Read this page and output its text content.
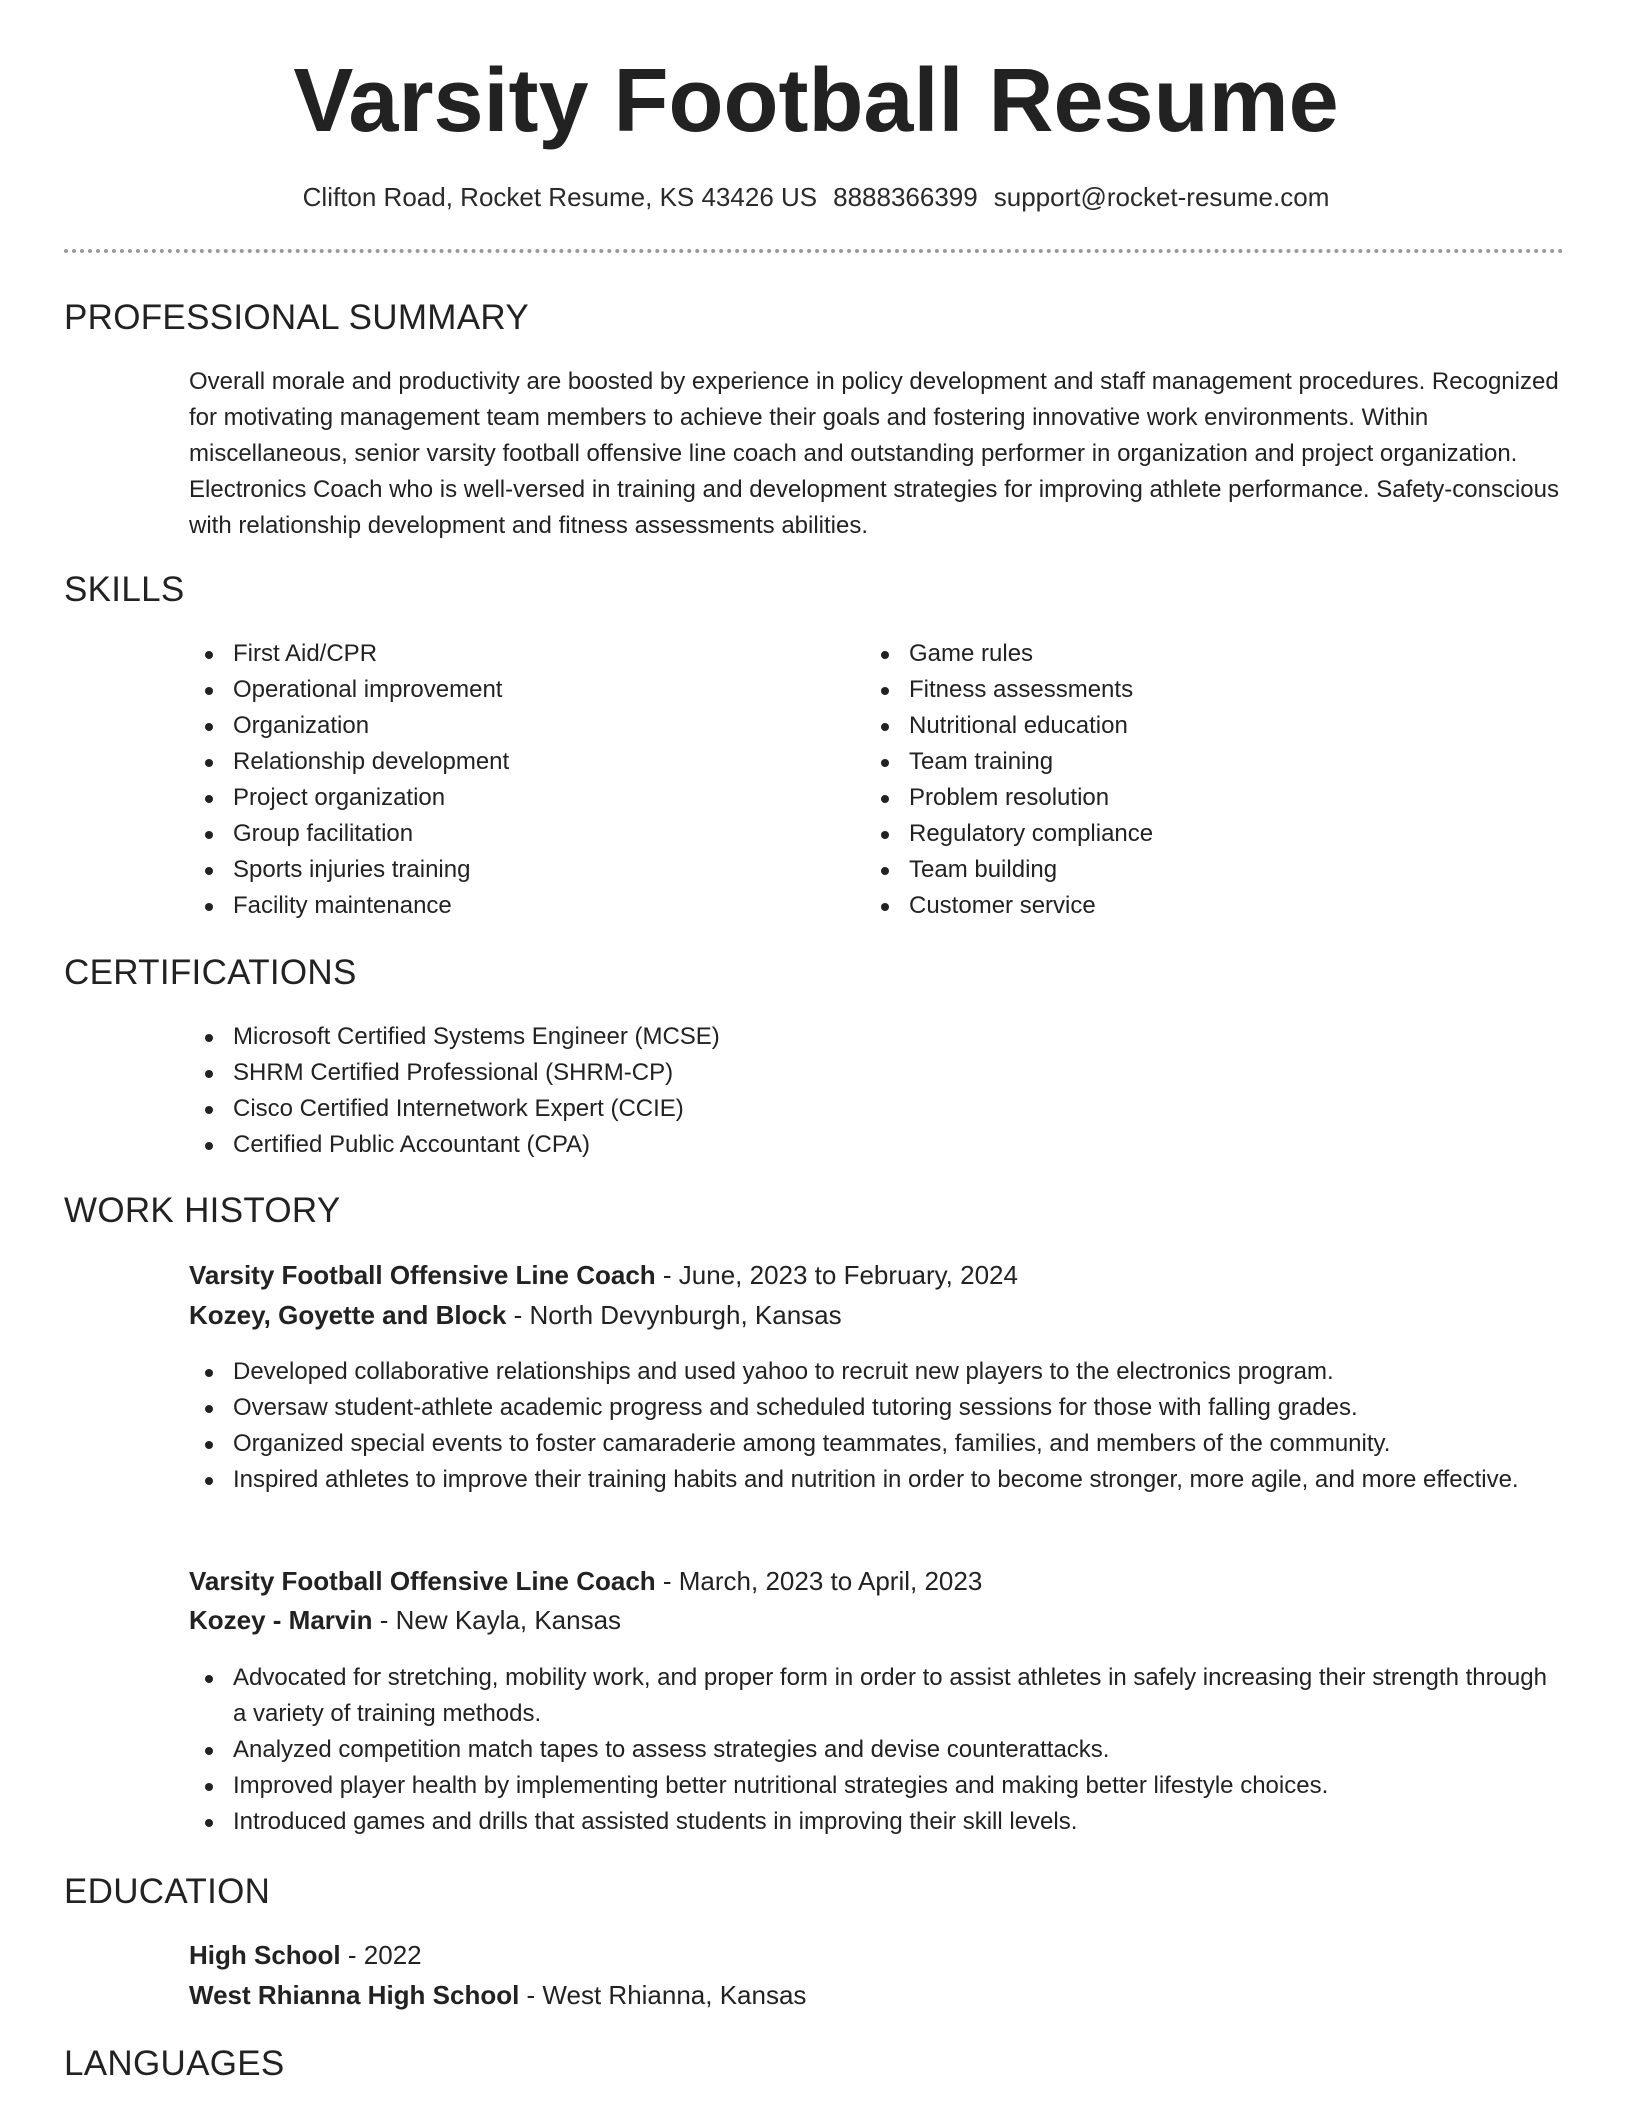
Varsity Football Resume
Clifton Road, Rocket Resume, KS 43426 US 8888366399 support@rocket-resume.com
PROFESSIONAL SUMMARY
Overall morale and productivity are boosted by experience in policy development and staff management procedures. Recognized for motivating management team members to achieve their goals and fostering innovative work environments. Within miscellaneous, senior varsity football offensive line coach and outstanding performer in organization and project organization. Electronics Coach who is well-versed in training and development strategies for improving athlete performance. Safety-conscious with relationship development and fitness assessments abilities.
SKILLS
First Aid/CPR
Operational improvement
Organization
Relationship development
Project organization
Group facilitation
Sports injuries training
Facility maintenance
Game rules
Fitness assessments
Nutritional education
Team training
Problem resolution
Regulatory compliance
Team building
Customer service
CERTIFICATIONS
Microsoft Certified Systems Engineer (MCSE)
SHRM Certified Professional (SHRM-CP)
Cisco Certified Internetwork Expert (CCIE)
Certified Public Accountant (CPA)
WORK HISTORY
Varsity Football Offensive Line Coach - June, 2023 to February, 2024
Kozey, Goyette and Block - North Devynburgh, Kansas
Developed collaborative relationships and used yahoo to recruit new players to the electronics program.
Oversaw student-athlete academic progress and scheduled tutoring sessions for those with falling grades.
Organized special events to foster camaraderie among teammates, families, and members of the community.
Inspired athletes to improve their training habits and nutrition in order to become stronger, more agile, and more effective.
Varsity Football Offensive Line Coach - March, 2023 to April, 2023
Kozey - Marvin - New Kayla, Kansas
Advocated for stretching, mobility work, and proper form in order to assist athletes in safely increasing their strength through a variety of training methods.
Analyzed competition match tapes to assess strategies and devise counterattacks.
Improved player health by implementing better nutritional strategies and making better lifestyle choices.
Introduced games and drills that assisted students in improving their skill levels.
EDUCATION
High School - 2022
West Rhianna High School - West Rhianna, Kansas
LANGUAGES
